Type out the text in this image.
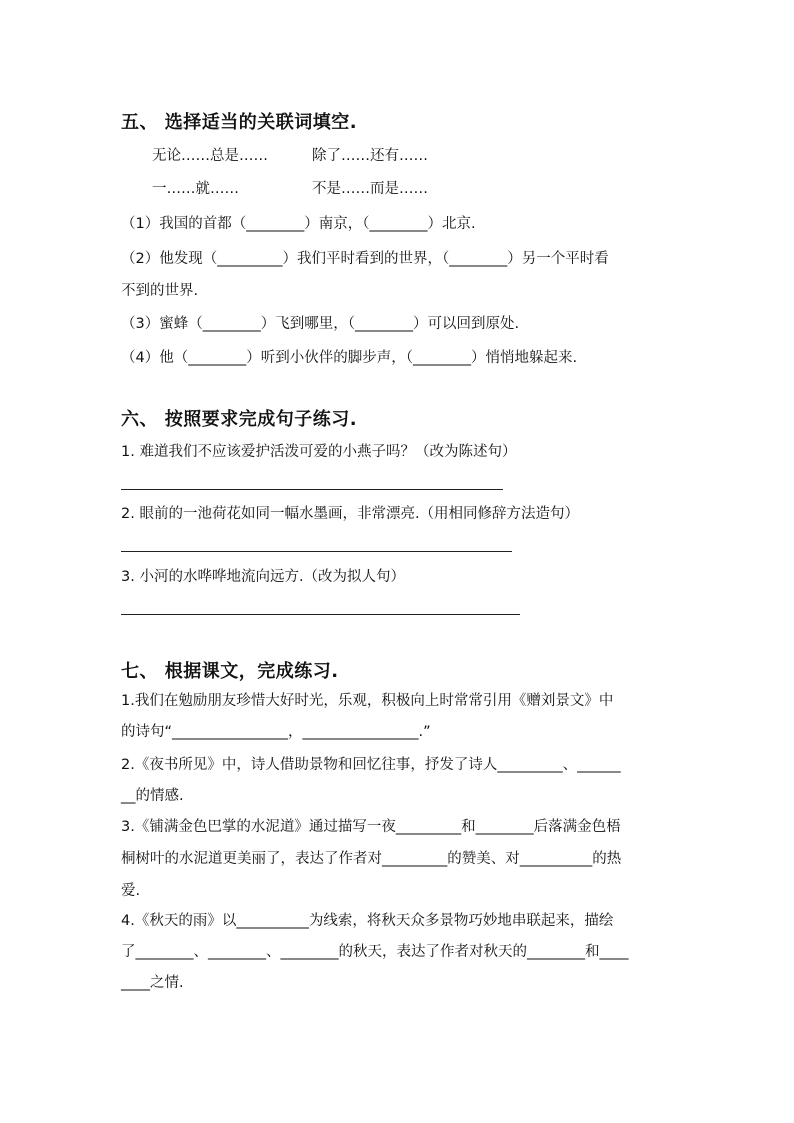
五、 选择适当的关联词填空.
无论……总是……	除了……还有……
一……就……	不是……而是……
（1）我国的首都（________）南京，（________）北京.
（2）他发现（_________）我们平时看到的世界，（________）另一个平时看
不到的世界.
（3）蜜蜂（________）飞到哪里，（________）可以回到原处.
（4）他（________）听到小伙伴的脚步声，（________）悄悄地躲起来.
六、 按照要求完成句子练习.
1. 难道我们不应该爱护活泼可爱的小燕子吗？（改为陈述句）
2. 眼前的一池荷花如同一幅水墨画，非常漂亮.（用相同修辞方法造句）
3. 小河的水哗哗地流向远方.（改为拟人句）
七、 根据课文，完成练习.
1.我们在勉励朋友珍惜大好时光，乐观，积极向上时常常引用《赠刘景文》中
的诗句“________________，________________.”
2.《夜书所见》中，诗人借助景物和回忆往事，抒发了诗人_________、______
__的情感.
3.《铺满金色巴掌的水泥道》通过描写一夜_________和________后落满金色梧
桐树叶的水泥道更美丽了，表达了作者对_________的赞美、对__________的热
爱.
4.《秋天的雨》以__________为线索，将秋天众多景物巧妙地串联起来，描绘
了________、________、________的秋天，表达了作者对秋天的________和____
____之情.
